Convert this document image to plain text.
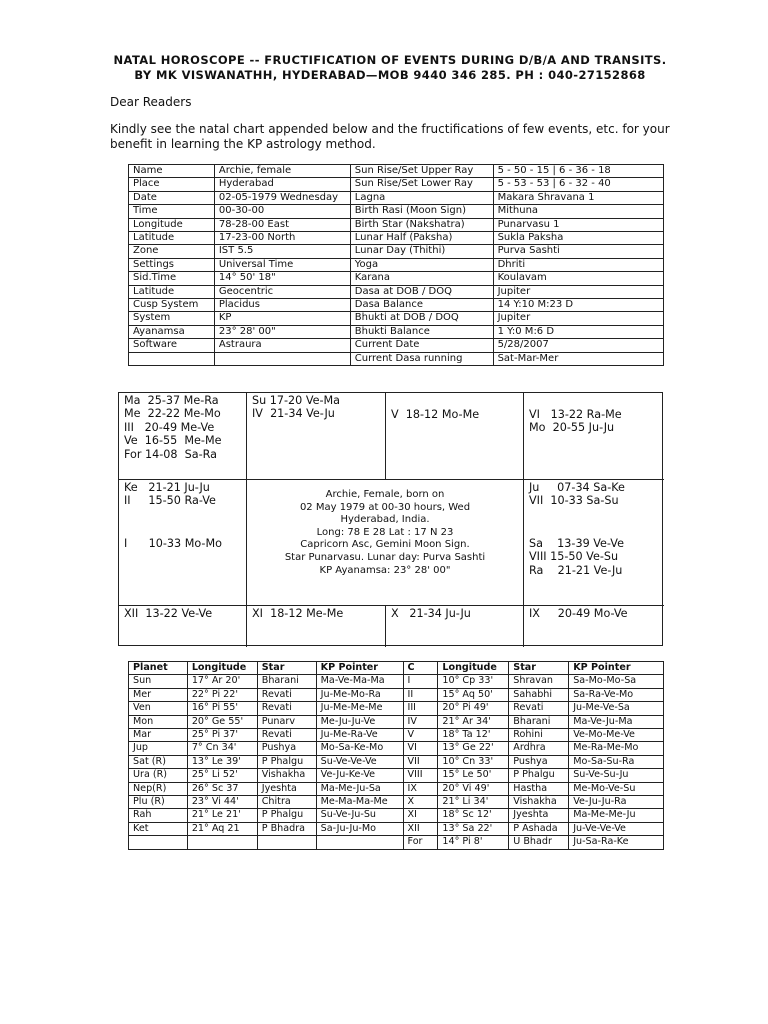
NATAL HOROSCOPE -- FRUCTIFICATION OF EVENTS DURING D/B/A AND TRANSITS.
BY MK VISWANATHH, HYDERABAD—MOB 9440 346 285. PH : 040-27152868
Dear Readers
Kindly see the natal chart appended below and the fructifications of few events, etc. for your benefit in learning the KP astrology method.
Name	Archie, female	Sun Rise/Set Upper Ray	5 - 50 - 15 | 6 - 36 - 18
Place	Hyderabad	Sun Rise/Set Lower Ray	5 - 53 - 53 | 6 - 32 - 40
Date	02-05-1979 Wednesday	Lagna	Makara Shravana 1
Time	00-30-00	Birth Rasi (Moon Sign)	Mithuna
Longitude	78-28-00 East	Birth Star (Nakshatra)	Punarvasu 1
Latitude	17-23-00 North	Lunar Half (Paksha)	Sukla Paksha
Zone	IST 5.5	Lunar Day (Thithi)	Purva Sashti
Settings	Universal Time	Yoga	Dhriti
Sid.Time	14° 50' 18"	Karana	Koulavam
Latitude	Geocentric	Dasa at DOB / DOQ	Jupiter
Cusp System	Placidus	Dasa Balance	14 Y:10 M:23 D
System	KP	Bhukti at DOB / DOQ	Jupiter
Ayanamsa	23° 28' 00"	Bhukti Balance	1 Y:0 M:6 D
Software	Astraura	Current Date	5/28/2007
		Current Dasa running	Sat-Mar-Mer
Ma  25-37 Me-Ra
Me  22-22 Me-Mo
III   20-49 Me-Ve
Ve  16-55  Me-Me
For 14-08  Sa-Ra
Su 17-20 Ve-Ma
IV  21-34 Ve-Ju	V  18-12 Mo-Me	VI   13-22 Ra-Me
Mo  20-55 Ju-Ju
Ke   21-21 Ju-Ju
II     15-50 Ra-Ve
I      10-33 Mo-Mo
Ju     07-34 Sa-Ke
VII  10-33 Sa-Su
Sa    13-39 Ve-Ve
VIII 15-50 Ve-Su
Ra    21-21 Ve-Ju
XII  13-22 Ve-Ve	XI  18-12 Me-Me	X   21-34 Ju-Ju	IX     20-49 Mo-Ve
Archie, Female, born on
02 May 1979 at 00-30 hours, Wed
Hyderabad, India.
Long: 78 E 28 Lat : 17 N 23
Capricorn Asc, Gemini Moon Sign.
Star Punarvasu. Lunar day: Purva Sashti
KP Ayanamsa: 23° 28' 00"
Planet	Longitude	Star	KP Pointer	C	Longitude	Star	KP Pointer
Sun	17° Ar 20'	Bharani	Ma-Ve-Ma-Ma	I	10° Cp 33'	Shravan	Sa-Mo-Mo-Sa
Mer	22° Pi 22'	Revati	Ju-Me-Mo-Ra	II	15° Aq 50'	Sahabhi	Sa-Ra-Ve-Mo
Ven	16° Pi 55'	Revati	Ju-Me-Me-Me	III	20° Pi 49'	Revati	Ju-Me-Ve-Sa
Mon	20° Ge 55'	Punarv	Me-Ju-Ju-Ve	IV	21° Ar 34'	Bharani	Ma-Ve-Ju-Ma
Mar	25° Pi 37'	Revati	Ju-Me-Ra-Ve	V	18° Ta 12'	Rohini	Ve-Mo-Me-Ve
Jup	7° Cn 34'	Pushya	Mo-Sa-Ke-Mo	VI	13° Ge 22'	Ardhra	Me-Ra-Me-Mo
Sat (R)	13° Le 39'	P Phalgu	Su-Ve-Ve-Ve	VII	10° Cn 33'	Pushya	Mo-Sa-Su-Ra
Ura (R)	25° Li 52'	Vishakha	Ve-Ju-Ke-Ve	VIII	15° Le 50'	P Phalgu	Su-Ve-Su-Ju
Nep(R)	26° Sc 37	Jyeshta	Ma-Me-Ju-Sa	IX	20° Vi 49'	Hastha	Me-Mo-Ve-Su
Plu (R)	23° Vi 44'	Chitra	Me-Ma-Ma-Me	X	21° Li 34'	Vishakha	Ve-Ju-Ju-Ra
Rah	21° Le 21'	P Phalgu	Su-Ve-Ju-Su	XI	18° Sc 12'	Jyeshta	Ma-Me-Me-Ju
Ket	21° Aq 21	P Bhadra	Sa-Ju-Ju-Mo	XII	13° Sa 22'	P Ashada	Ju-Ve-Ve-Ve
				For	14° Pi 8'	U Bhadr	Ju-Sa-Ra-Ke
